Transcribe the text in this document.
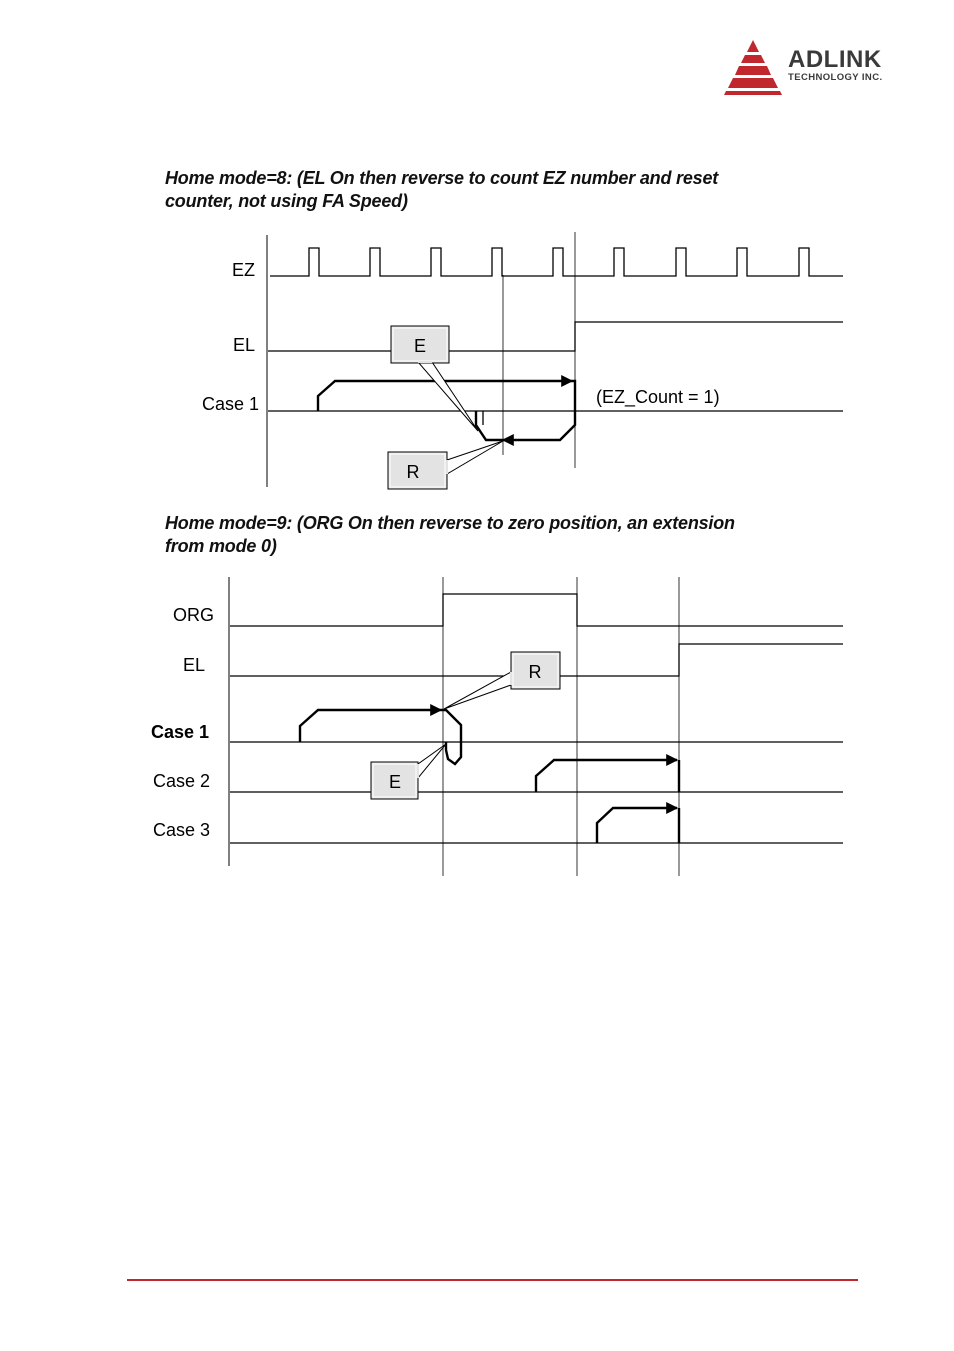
ADLINK
TECHNOLOGY INC.
Home mode=8: (EL On then reverse to count EZ number and reset
counter, not using FA Speed)
Home mode=9: (ORG On then reverse to zero position, an extension
from mode 0)
EZ
EL
Case 1	(EZ_Count = 1)
E
R
ORG
EL
Case 1
Case 2
Case 3
R
E
